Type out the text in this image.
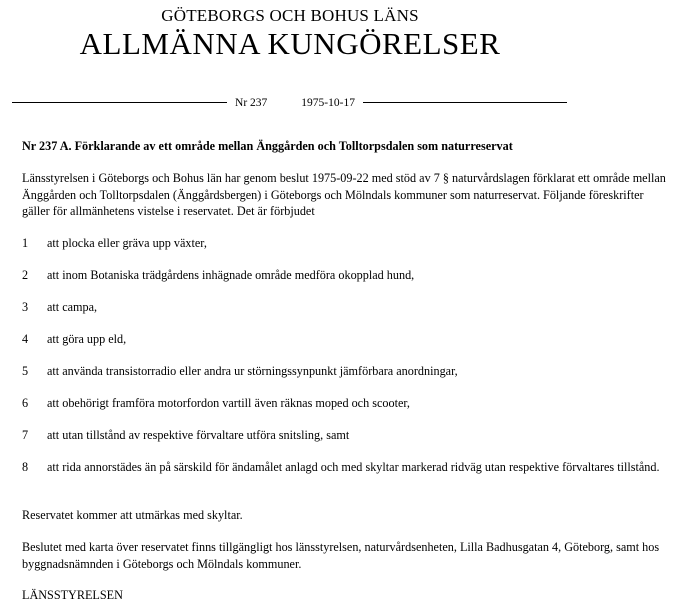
GÖTEBORGS OCH BOHUS LÄNS
ALLMÄNNA KUNGÖRELSER
Nr 237	1975-10-17
Nr 237 A. Förklarande av ett område mellan Änggården och Tolltorpsdalen som naturreservat
Länsstyrelsen i Göteborgs och Bohus län har genom beslut 1975-09-22 med stöd av 7 § naturvårdslagen förklarat ett område mellan Änggården och Tolltorpsdalen (Änggårdsbergen) i Göteborgs och Mölndals kommuner som naturreservat. Följande föreskrifter gäller för allmänhetens vistelse i reservatet. Det är förbjudet
1 att plocka eller gräva upp växter,
2 att inom Botaniska trädgårdens inhägnade område medföra okopplad hund,
3 att campa,
4 att göra upp eld,
5 att använda transistorradio eller andra ur störningssynpunkt jämförbara anordningar,
6 att obehörigt framföra motorfordon vartill även räknas moped och scooter,
7 att utan tillstånd av respektive förvaltare utföra snitsling, samt
8 att rida annorstädes än på särskild för ändamålet anlagd och med skyltar markerad ridväg utan respektive förvaltares tillstånd.
Reservatet kommer att utmärkas med skyltar.
Beslutet med karta över reservatet finns tillgängligt hos länsstyrelsen, naturvårdsenheten, Lilla Badhusgatan 4, Göteborg, samt hos byggnadsnämnden i Göteborgs och Mölndals kommuner.
LÄNSSTYRELSEN
